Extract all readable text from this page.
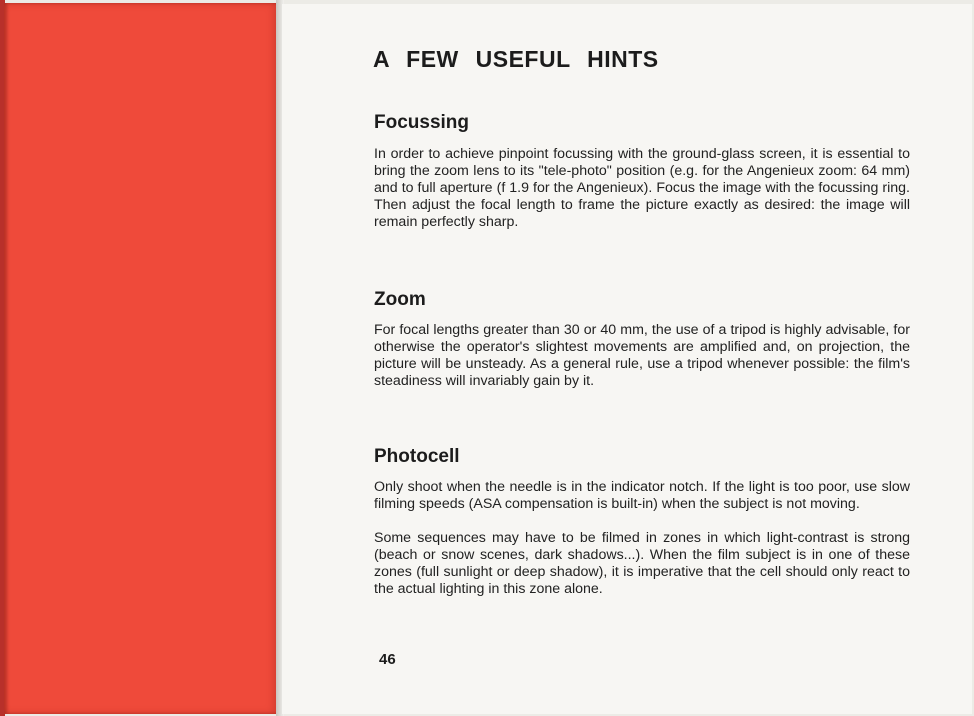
A FEW USEFUL HINTS
Focussing

In order to achieve pinpoint focussing with the ground-glass screen, it is essential to bring the zoom lens to its "tele-photo" position (e.g. for the Angenieux zoom: 64 mm) and to full aperture (f 1.9 for the Angenieux). Focus the image with the focussing ring. Then adjust the focal length to frame the picture exactly as desired: the image will remain perfectly sharp.

Zoom

For focal lengths greater than 30 or 40 mm, the use of a tripod is highly advisable, for otherwise the operator's slightest movements are amplified and, on projection, the picture will be unsteady. As a general rule, use a tripod whenever possible: the film's steadiness will invariably gain by it.

Photocell

Only shoot when the needle is in the indicator notch. If the light is too poor, use slow filming speeds (ASA compensation is built-in) when the subject is not moving.

Some sequences may have to be filmed in zones in which light-contrast is strong (beach or snow scenes, dark shadows...). When the film subject is in one of these zones (full sunlight or deep shadow), it is imperative that the cell should only react to the actual lighting in this zone alone.

46
